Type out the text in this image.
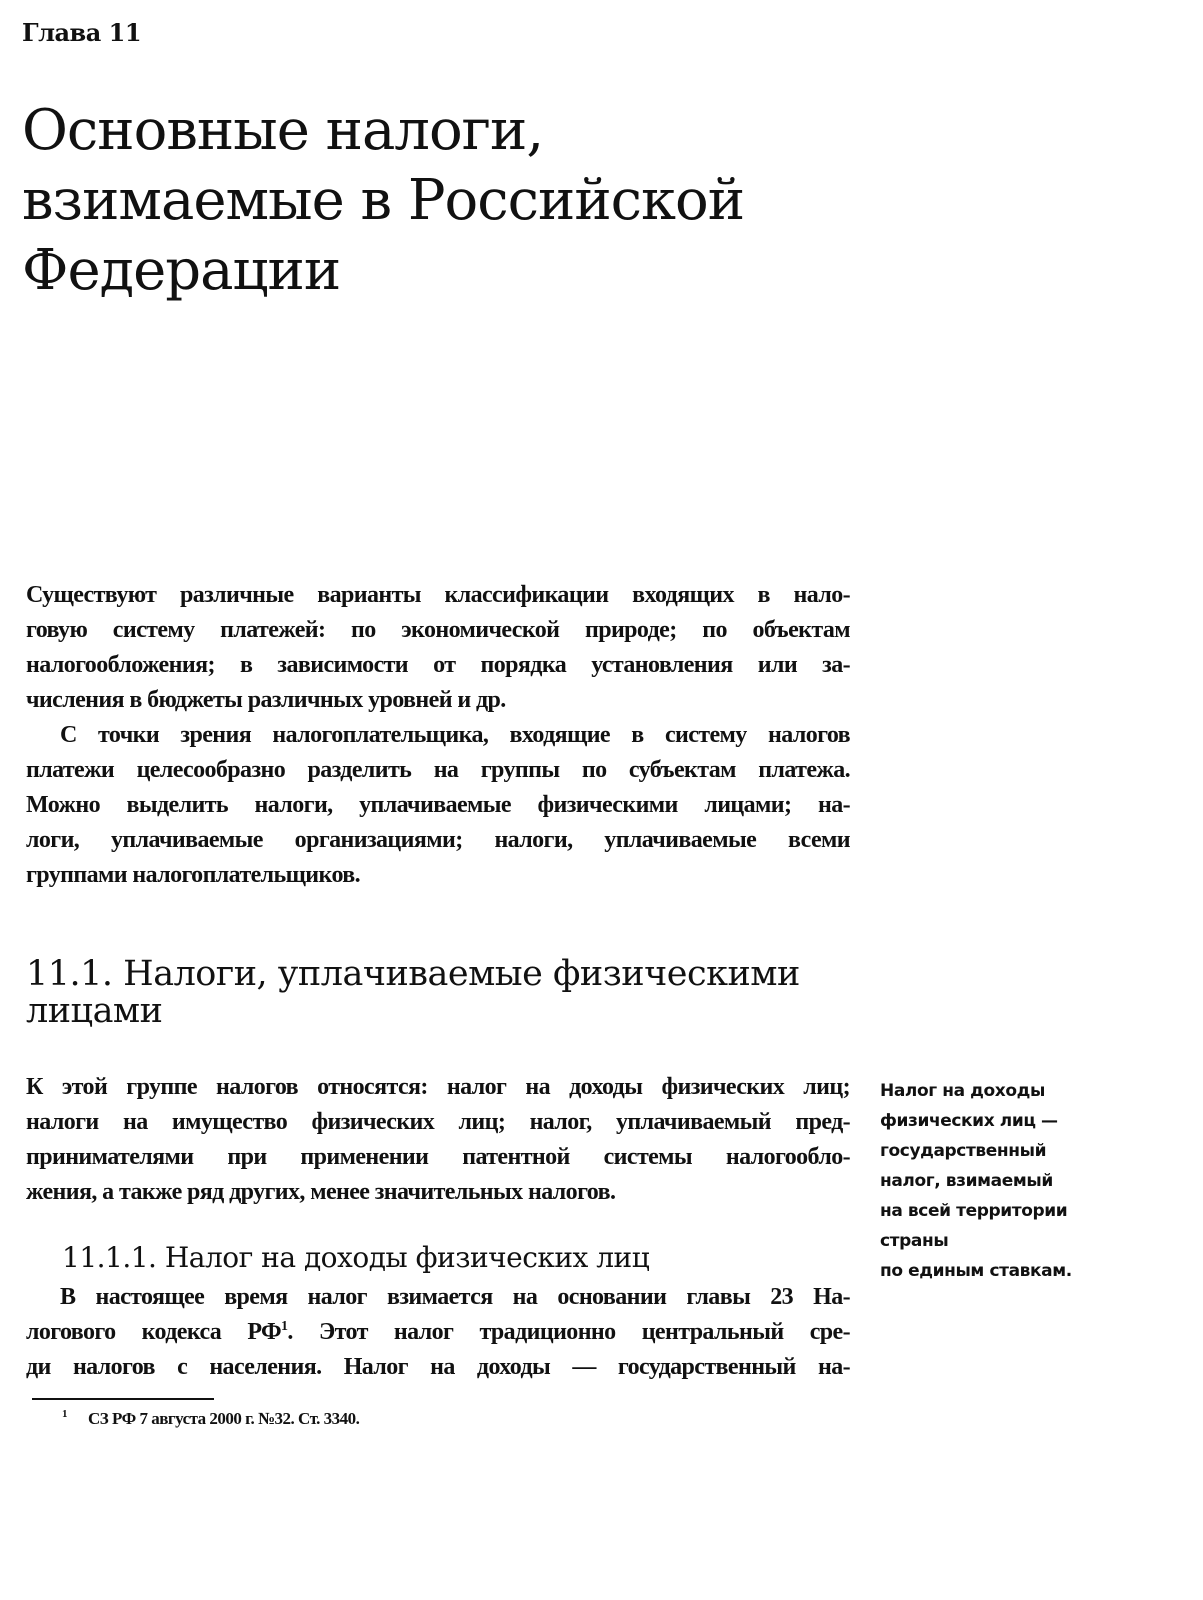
Глава 11
Основные налоги,
взимаемые в Российской
Федерации
Существуют различные варианты классификации входящих в нало-
говую систему платежей: по экономической природе; по объектам
налогообложения; в зависимости от порядка установления или за-
числения в бюджеты различных уровней и др.
С точки зрения налогоплательщика, входящие в систему налогов
платежи целесообразно разделить на группы по субъектам платежа.
Можно выделить налоги, уплачиваемые физическими лицами; на-
логи, уплачиваемые организациями; налоги, уплачиваемые всеми
группами налогоплательщиков.
11.1. Налоги, уплачиваемые физическими
лицами
К этой группе налогов относятся: налог на доходы физических лиц;
налоги на имущество физических лиц; налог, уплачиваемый пред-
принимателями при применении патентной системы налогообло-
жения, а также ряд других, менее значительных налогов.
11.1.1. Налог на доходы физических лиц
В настоящее время налог взимается на основании главы 23 На-
логового кодекса РФ$^1$. Этот налог традиционно центральный сре-
ди налогов с населения. Налог на доходы — государственный на-
1 СЗ РФ 7 августа 2000 г. №32. Ст. 3340.
Налог на доходы
физических лиц —
государственный
налог, взимаемый
на всей территории
страны
по единым ставкам.
